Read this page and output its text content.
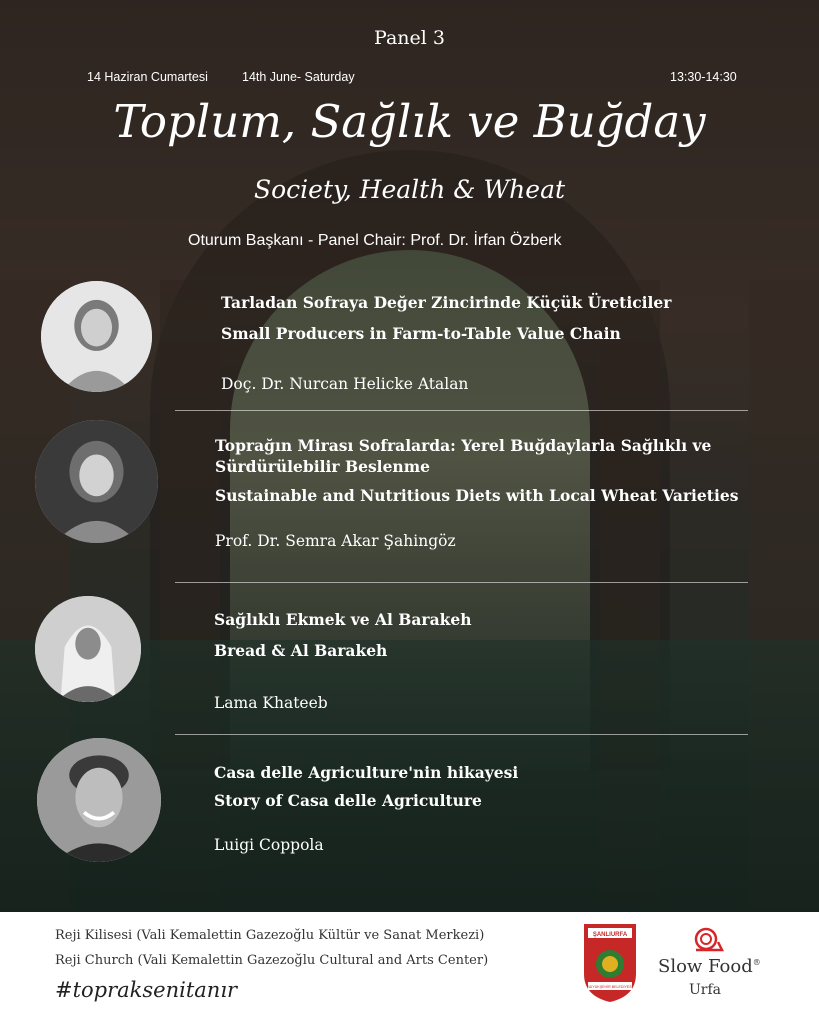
Panel 3
14 Haziran Cumartesi	14th June- Saturday	13:30-14:30
Toplum, Sağlık ve Buğday
Society, Health & Wheat
Oturum Başkanı - Panel Chair: Prof. Dr. İrfan Özberk
Tarladan Sofraya Değer Zincirinde Küçük Üreticiler
Small Producers in Farm-to-Table Value Chain
Doç. Dr. Nurcan Helicke Atalan
Toprağın Mirası Sofralarda: Yerel Buğdaylarla Sağlıklı ve Sürdürülebilir Beslenme
Sustainable and Nutritious Diets with Local Wheat Varieties
Prof. Dr. Semra Akar Şahingöz
Sağlıklı Ekmek ve Al Barakeh
Bread & Al Barakeh
Lama Khateeb
Casa delle Agriculture'nin hikayesi
Story of Casa delle Agriculture
Luigi Coppola
Reji Kilisesi (Vali Kemalettin Gazezoğlu Kültür ve Sanat Merkezi)
Reji Church (Vali Kemalettin Gazezoğlu Cultural and Arts Center)
#topraksenitanır
ŞANLIURFA
BÜYÜKŞEHİR BELEDİYESİ
Slow Food®
Urfa
